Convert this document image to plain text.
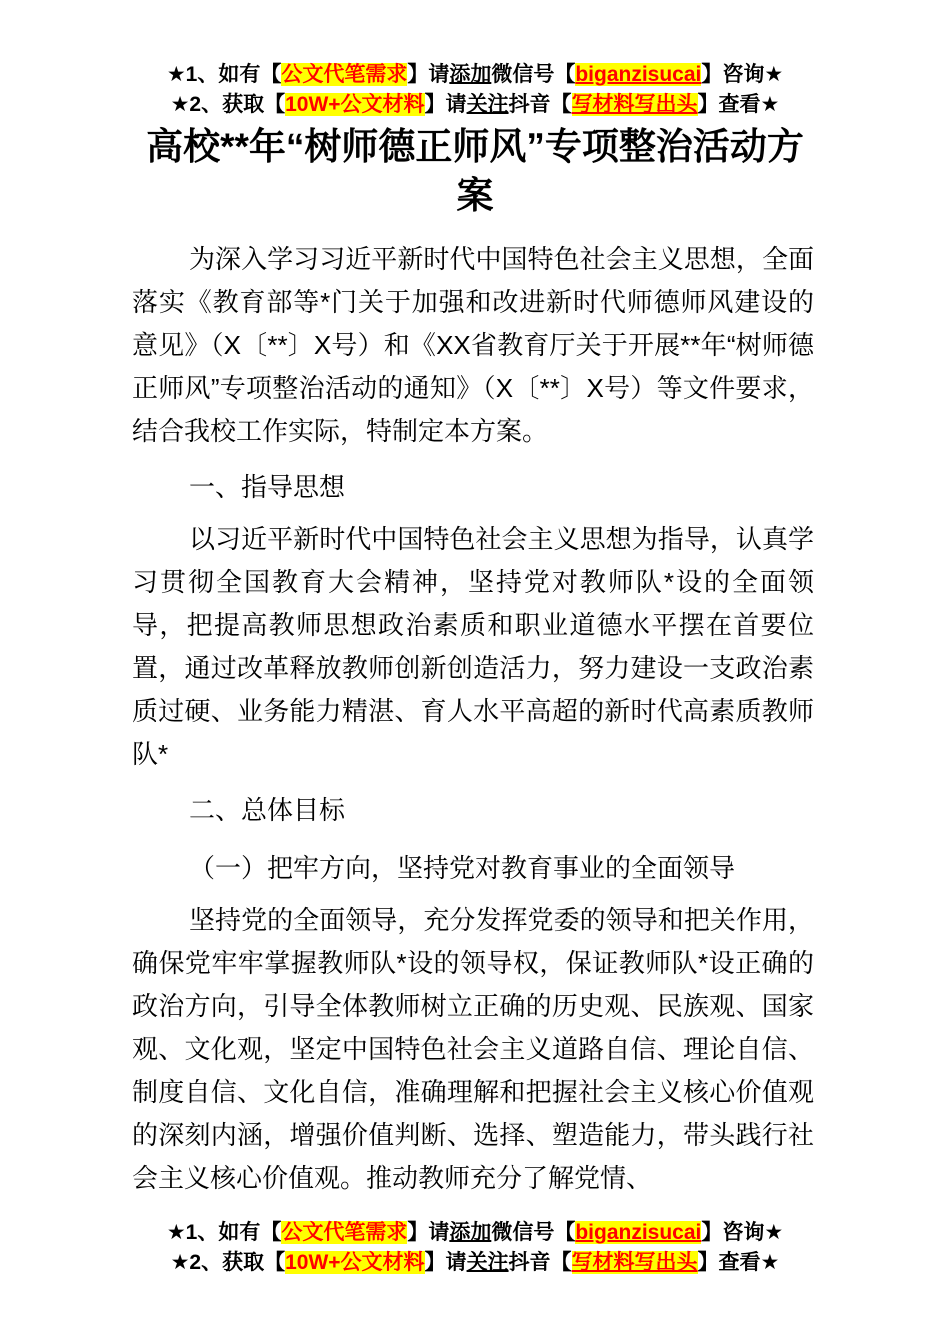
★1、如有【公文代笔需求】请添加微信号【biganzisucai】咨询★
★2、获取【10W+公文材料】请关注抖音【写材料写出头】查看★
高校**年“树师德正师风”专项整治活动方案

为深入学习习近平新时代中国特色社会主义思想，全面落实《教育部等*门关于加强和改进新时代师德师风建设的意见》（X〔**〕X号）和《XX省教育厅关于开展**年“树师德正师风”专项整治活动的通知》（X〔**〕X号）等文件要求，结合我校工作实际，特制定本方案。

一、指导思想

以习近平新时代中国特色社会主义思想为指导，认真学习贯彻全国教育大会精神，坚持党对教师队*设的全面领导，把提高教师思想政治素质和职业道德水平摆在首要位置，通过改革释放教师创新创造活力，努力建设一支政治素质过硬、业务能力精湛、育人水平高超的新时代高素质教师队*

二、总体目标

（一）把牢方向，坚持党对教育事业的全面领导

坚持党的全面领导，充分发挥党委的领导和把关作用，确保党牢牢掌握教师队*设的领导权，保证教师队*设正确的政治方向，引导全体教师树立正确的历史观、民族观、国家观、文化观，坚定中国特色社会主义道路自信、理论自信、制度自信、文化自信，准确理解和把握社会主义核心价值观的深刻内涵，增强价值判断、选择、塑造能力，带头践行社会主义核心价值观。推动教师充分了解党情、

★1、如有【公文代笔需求】请添加微信号【biganzisucai】咨询★
★2、获取【10W+公文材料】请关注抖音【写材料写出头】查看★
